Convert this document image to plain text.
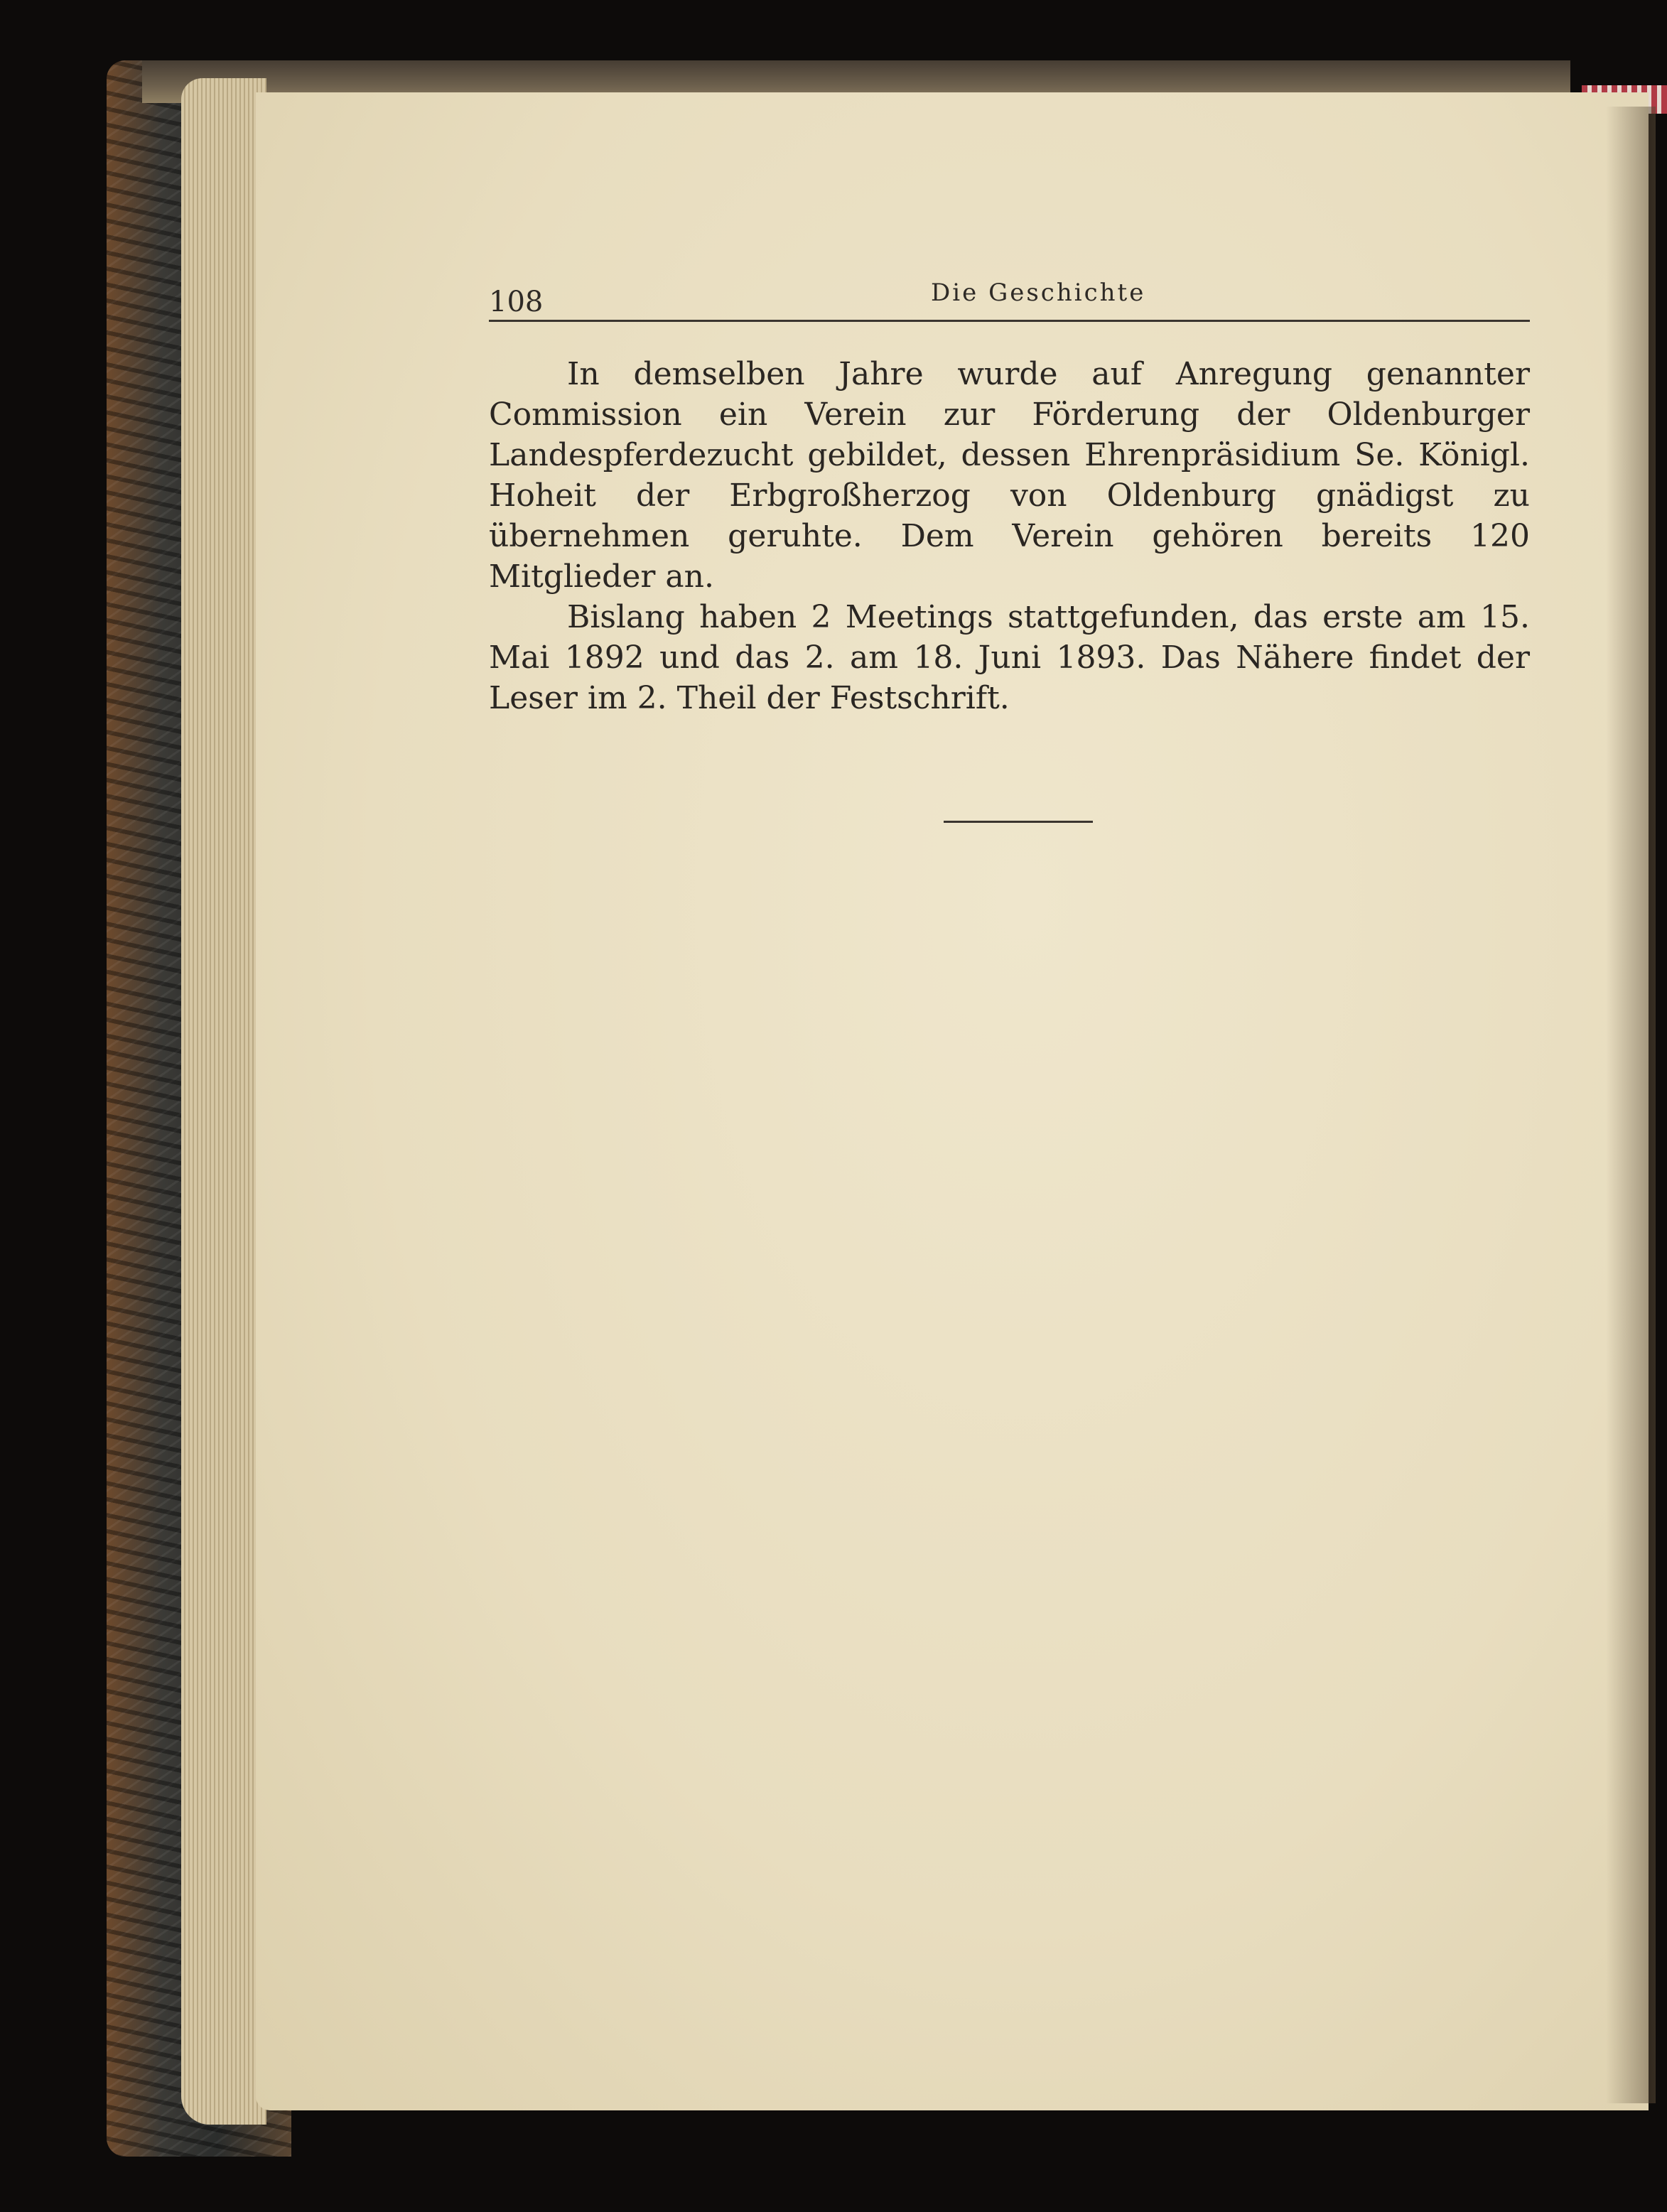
108	Die Geschichte

In demselben Jahre wurde auf Anregung genannter Commission ein Verein zur Förderung der Oldenburger Landespferdezucht gebildet, dessen Ehrenpräsidium Se. Königl. Hoheit der Erbgroßherzog von Oldenburg gnädigst zu übernehmen geruhte. Dem Verein gehören bereits 120 Mitglieder an.

Bislang haben 2 Meetings stattgefunden, das erste am 15. Mai 1892 und das 2. am 18. Juni 1893. Das Nähere findet der Leser im 2. Theil der Festschrift.
